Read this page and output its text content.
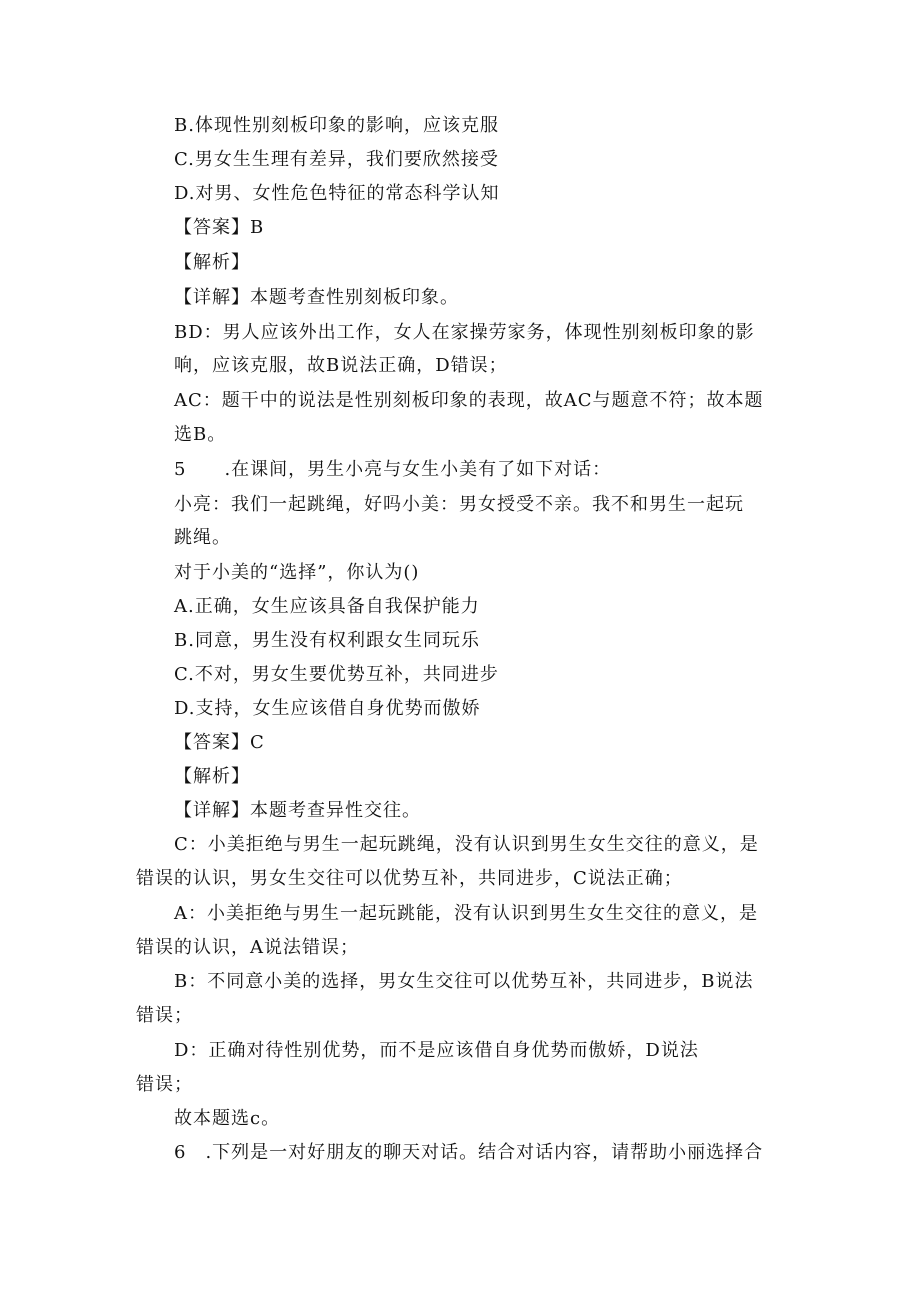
B.体现性别刻板印象的影响，应该克服
C.男女生生理有差异，我们要欣然接受
D.对男、女性危色特征的常态科学认知
【答案】B
【解析】
【详解】本题考查性别刻板印象。
BD：男人应该外出工作，女人在家操劳家务，体现性别刻板印象的影
响，应该克服，故B说法正确，D错误；
AC：题干中的说法是性别刻板印象的表现，故AC与题意不符；故本题
选B。
5　　.在课间，男生小亮与女生小美有了如下对话：
小亮：我们一起跳绳，好吗小美：男女授受不亲。我不和男生一起玩
跳绳。
对于小美的“选择”，你认为()
A.正确，女生应该具备自我保护能力
B.同意，男生没有权利跟女生同玩乐
C.不对，男女生要优势互补，共同进步
D.支持，女生应该借自身优势而傲娇
【答案】C
【解析】
【详解】本题考查异性交往。
C：小美拒绝与男生一起玩跳绳，没有认识到男生女生交往的意义，是
错误的认识，男女生交往可以优势互补，共同进步，C说法正确；
A：小美拒绝与男生一起玩跳能，没有认识到男生女生交往的意义，是
错误的认识，A说法错误；
B：不同意小美的选择，男女生交往可以优势互补，共同进步，B说法
错误；
D：正确对待性别优势，而不是应该借自身优势而傲娇，D说法
错误；
故本题选c。
6　.下列是一对好朋友的聊天对话。结合对话内容，请帮助小丽选择合
